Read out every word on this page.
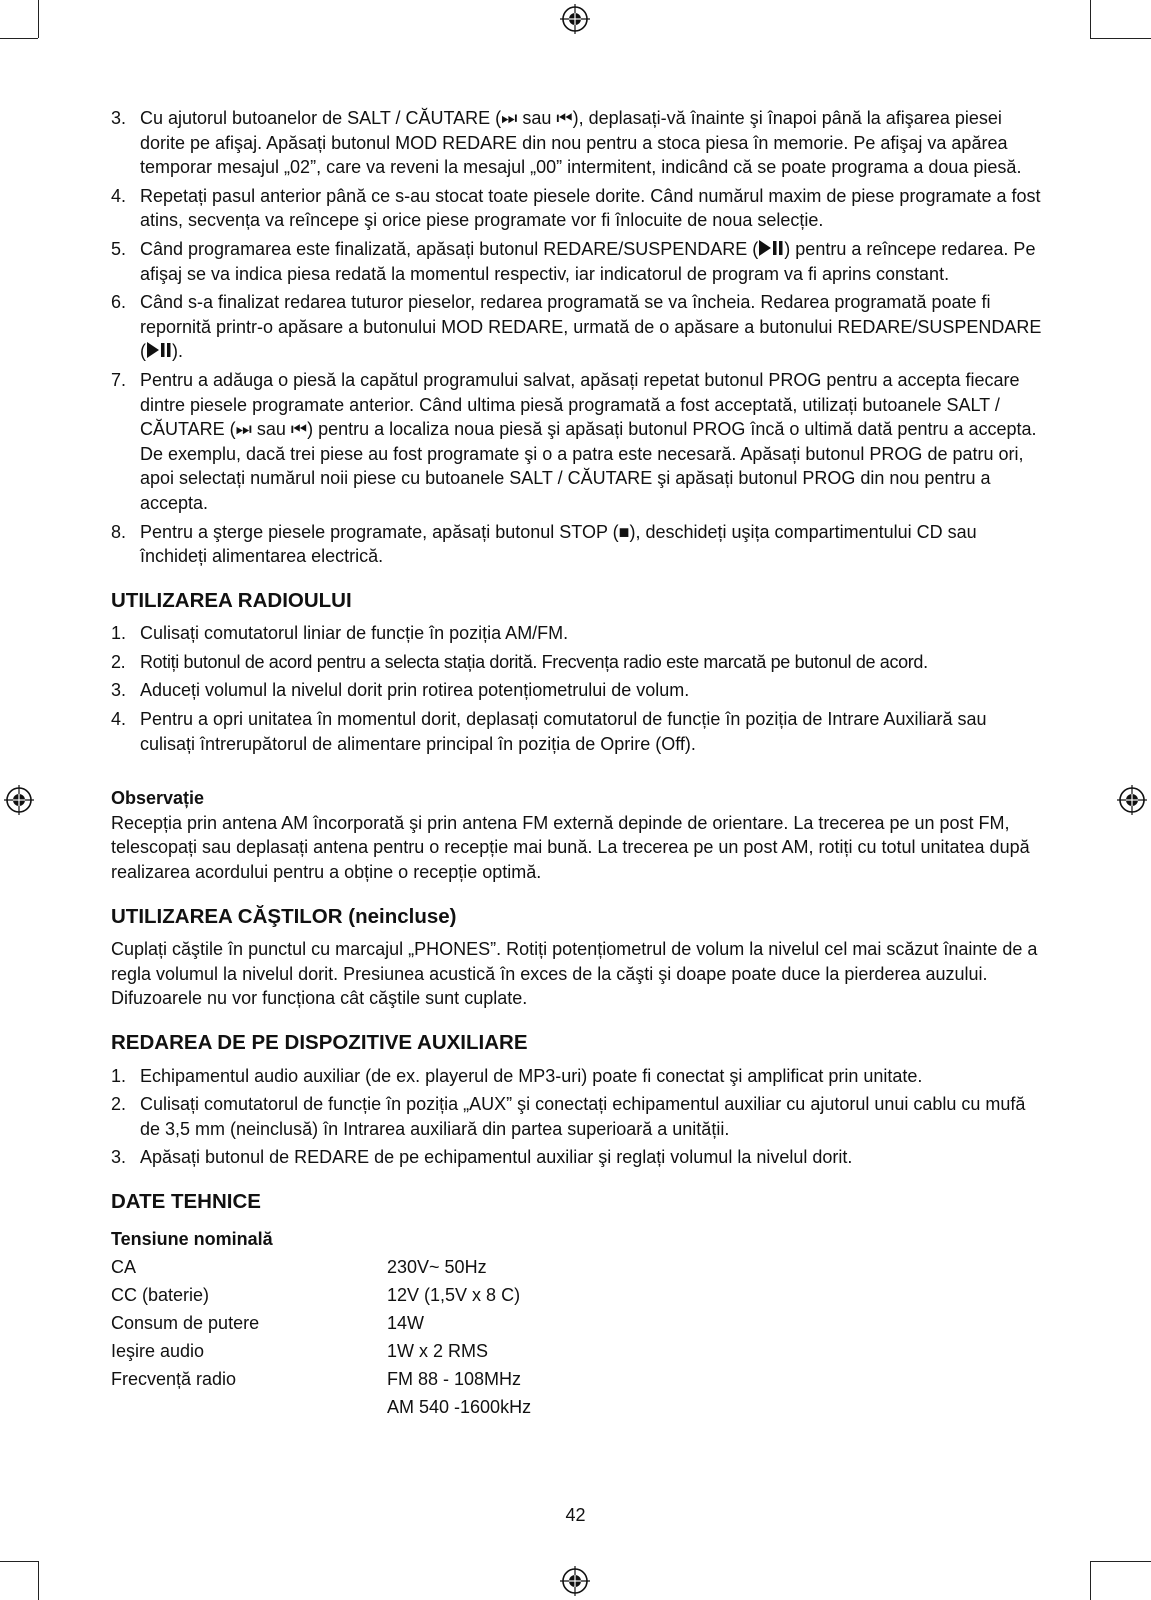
3. Cu ajutorul butoanelor de SALT / CĂUTARE (⏭ sau ⏮), deplasați-vă înainte şi înapoi până la afişarea piesei dorite pe afişaj. Apăsați butonul MOD REDARE din nou pentru a stoca piesa în memorie. Pe afişaj va apărea temporar mesajul „02”, care va reveni la mesajul „00” intermitent, indicând că se poate programa a doua piesă.
4. Repetați pasul anterior până ce s-au stocat toate piesele dorite. Când numărul maxim de piese programate a fost atins, secvența va reîncepe şi orice piese programate vor fi înlocuite de noua selecție.
5. Când programarea este finalizată, apăsați butonul REDARE/SUSPENDARE ( ) pentru a reîncepe redarea. Pe afişaj se va indica piesa redată la momentul respectiv, iar indicatorul de program va fi aprins constant.
6. Când s-a finalizat redarea tuturor pieselor, redarea programată se va încheia. Redarea programată poate fi repornită printr-o apăsare a butonului MOD REDARE, urmată de o apăsare a butonului REDARE/SUSPENDARE ( ).
7. Pentru a adăuga o piesă la capătul programului salvat, apăsați repetat butonul PROG pentru a accepta fiecare dintre piesele programate anterior. Când ultima piesă programată a fost acceptată, utilizați butoanele SALT / CĂUTARE (⏭ sau ⏮) pentru a localiza noua piesă şi apăsați butonul PROG încă o ultimă dată pentru a accepta. De exemplu, dacă trei piese au fost programate şi o a patra este necesară. Apăsați butonul PROG de patru ori, apoi selectați numărul noii piese cu butoanele SALT / CĂUTARE şi apăsați butonul PROG din nou pentru a accepta.
8. Pentru a şterge piesele programate, apăsați butonul STOP (■), deschideți uşița compartimentului CD sau închideți alimentarea electrică.
UTILIZAREA RADIOULUI
1. Culisați comutatorul liniar de funcție în poziția AM/FM.
2. Rotiți butonul de acord pentru a selecta stația dorită. Frecvența radio este marcată pe butonul de acord.
3. Aduceți volumul la nivelul dorit prin rotirea potențiometrului de volum.
4. Pentru a opri unitatea în momentul dorit, deplasați comutatorul de funcție în poziția de Intrare Auxiliară sau culisați întrerupătorul de alimentare principal în poziția de Oprire (Off).
Observație

Recepția prin antena AM încorporată şi prin antena FM externă depinde de orientare. La trecerea pe un post FM, telescopați sau deplasați antena pentru o recepție mai bună. La trecerea pe un post AM, rotiți cu totul unitatea după realizarea acordului pentru a obține o recepție optimă.

UTILIZAREA CĂŞTILOR (neincluse)

Cuplați căştile în punctul cu marcajul „PHONES”. Rotiți potențiometrul de volum la nivelul cel mai scăzut înainte de a regla volumul la nivelul dorit. Presiunea acustică în exces de la căşti şi doape poate duce la pierderea auzului. Difuzoarele nu vor funcționa cât căştile sunt cuplate.

REDAREA DE PE DISPOZITIVE AUXILIARE
1. Echipamentul audio auxiliar (de ex. playerul de MP3-uri) poate fi conectat şi amplificat prin unitate.
2. Culisați comutatorul de funcție în poziția „AUX” şi conectați echipamentul auxiliar cu ajutorul unui cablu cu mufă de 3,5 mm (neinclusă) în Intrarea auxiliară din partea superioară a unității.
3. Apăsați butonul de REDARE de pe echipamentul auxiliar şi reglați volumul la nivelul dorit.
DATE TEHNICE
Tensiune nominală
CA	230V~ 50Hz
CC (baterie)	12V (1,5V x 8 C)
Consum de putere	14W
Ieşire audio	1W x 2 RMS
Frecvență radio	FM 88 - 108MHz
	AM 540 -1600kHz
42
